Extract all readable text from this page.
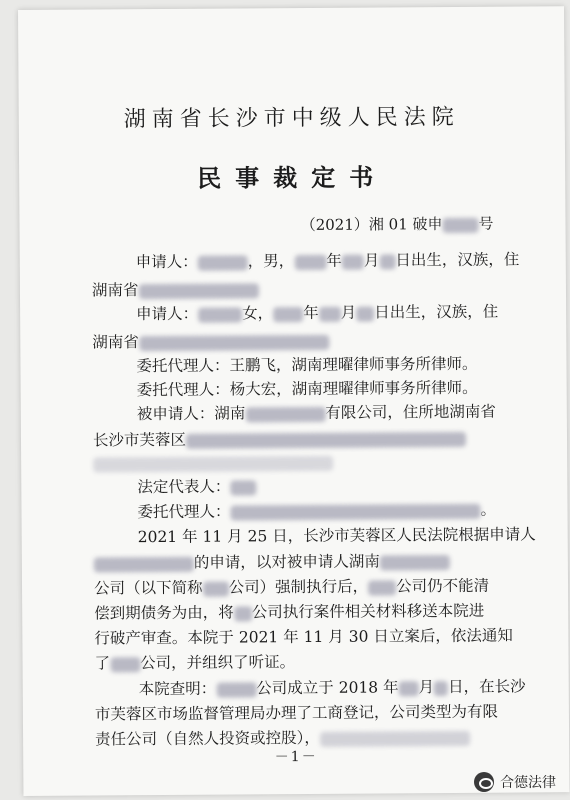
湖南省长沙市中级人民法院
民事裁定书
（2021）湘 01 破申 号
申请人：	，男， 年 月 日出生，汉族，住
湖南省
申请人：	女， 年 月 日出生，汉族，住
湖南省
委托代理人：王鹏飞，湖南理曜律师事务所律师。
委托代理人：杨大宏，湖南理曜律师事务所律师。
被申请人：湖南	有限公司，住所地湖南省
长沙市芙蓉区
法定代表人：
委托代理人：	。
2021 年 11 月 25 日，长沙市芙蓉区人民法院根据申请人
的申请，以对被申请人湖南
公司（以下简称 公司）强制执行后， 公司仍不能清
偿到期债务为由，将 公司执行案件相关材料移送本院进
行破产审查。本院于 2021 年 11 月 30 日立案后，依法通知
了 公司，并组织了听证。
本院查明：	公司成立于 2018 年 月 日，在长沙
市芙蓉区市场监督管理局办理了工商登记，公司类型为有限
责任公司（自然人投资或控股），
－1－
合德法律
